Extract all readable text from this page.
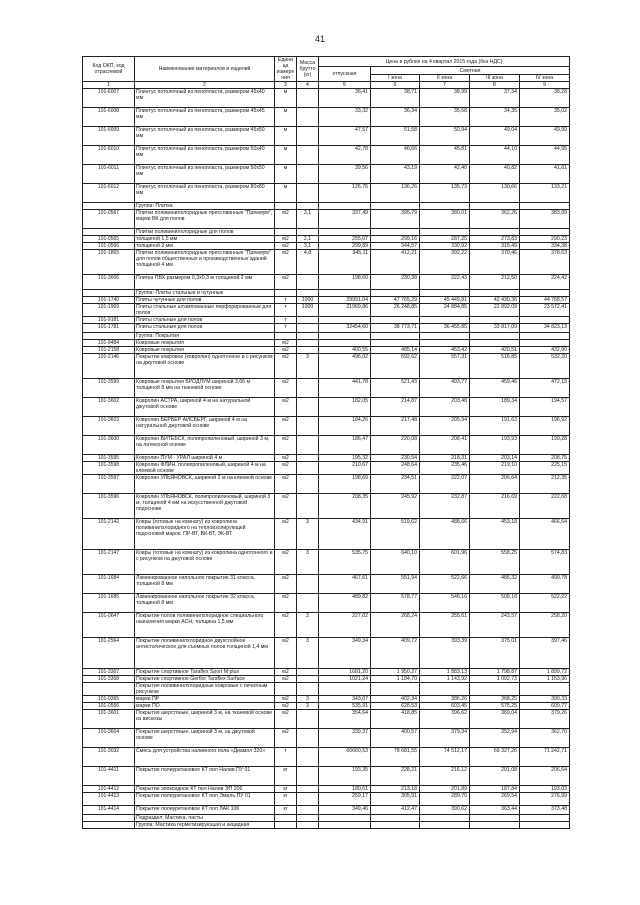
41
Код ОКП, код отраслевой	Наименование материалов и изделий	Едини ца измере ния	Масса брутто (кг)	Цена в рублях на 4 квартал 2015 года (без НДС)				
				отпускная	Сметная			
					I зона	II зона	III зона	IV зона
1	2	3	4	5	6	7	8	9
101-6007	Плинтус потолочный из пенопласта, размером 45х40 мм	м		36,41	38,71	38,99	37,34	38,28
101-6008	Плинтус потолочный из пенопласта, размером 45х45 мм	м		33,32	36,34	35,68	34,35	35,02
101-6009	Плинтус потолочный из пенопласта, размером 45х50 мм	м		47,57	51,58	50,94	49,04	49,99
101-6010	Плинтус потолочный из пенопласта, размером 50х40 мм	м		42,78	46,66	45,81	44,10	44,95
101-6011	Плинтус потолочный из пенопласта, размером 50х50 мм	м		39,56	43,19	42,40	40,82	41,61
101-6012	Плинтус потолочный из пенопласта, размером 80х80 мм	м		126,76	136,26	135,73	130,66	133,21
	Группа: Плитка							
101-0567	Плитки поливинилхлоридные прессованные "Премиум", марки ВК для полов	м2	3,1	337,49	395,79	380,01	362,26	383,99
	Плитки поливинилхлоридные для полов							
101-0565	толщиной 1,5 мм	м2	2,1	255,07	299,16	287,25	273,83	290,23
101-0566	толщиной 2 мм	м2	3,1	299,89	344,57	330,92	315,49	334,38
101-1865	Плитки поливинилхлоридные прессованные "Премиум" для полов общественных и производственных зданий толщиной 4 мм	м2	4,8	345,11	412,21	392,22	370,46	378,63
101-3606	Плитка ПВХ размером 0,3х0,3 м толщиной 2 мм	м2		198,60	230,38	222,43	212,50	224,42
	Группа: Плиты стальные и чугунные							
101-1740	Плиты чугунные для полов	т	1000	39991,04	47 765,29	45 449,81	42 430,36	44 768,57
101-1969	Плиты стальные штампованные перфорированные для полов	т	1000	21969,86	26 248,85	24 884,85	22 892,09	23 572,41
101-9181	Плиты стальные для полов	т						
101-1781	Плиты стальные для полов	т		32454,60	38 773,71	36 455,85	33 817,09	34 823,13
	Группа: Покрытия							
101-9484	Ковровые покрытия	м2						
101-2158	Ковровые покрытия	м2		400,55	485,14	453,42	420,51	432,90
101-2146	Покрытие ковровое (ковролин) однотонное и с рисунком на джутовой основе	м2	3	496,02	592,62	557,31	516,85	532,20
101-3599	Ковровые покрытия БРОДЛУМ шириной 3,66 м толщиной 8 мм на тканевой основе	м2		441,78	521,43	493,77	459,46	472,15
101-3602	Ковролин АСТРА, шириной 4 м на натуральной джутовой основе	м2		182,05	214,87	203,48	189,34	194,57
101-3603	Ковролин БЕРБЕР АЙСБЕРГ, шириной 4 м на натуральной джутовой основе	м2		184,26	217,48	205,94	191,63	196,92
101-3600	Ковролин ВИТЕБСК, полипропиленовый, шириной 3 м, на латексной основе	м2		186,47	220,08	208,41	193,93	199,28
101-3595	Ковролин ПУМ - УРАЛ шириной 4 м	м2		195,32	230,54	218,31	203,14	208,75
101-3598	Ковролин ФЛИН, полипропиленовый, шириной 4 м на клеевой основе	м2		210,67	248,64	235,46	219,10	225,15
101-3597	Ковролин УЛЬЯНОВСК, шириной 2 м на клеевой основе	м2		198,69	234,51	222,07	206,64	212,35
101-3596	Ковролин УЛЬЯНОВСК, полипропиленовый, шириной 3 м, толщиной 4 мм на искусственной джутовой подоснове	м2		208,35	245,92	232,87	216,69	222,68
101-2142	Ковры (готовые на комнату) из ковролина поливинилхлоридного на теплоизолирующей подосновой марок: ПР-ВТ, ВК-ВТ, ЭК-ВТ	м2	3	434,91	519,62	488,66	453,18	466,64
101-2147	Ковры (готовые на комнату) из ковролина однотонного и с рисунком на джутовой основе	м2	3	535,75	640,10	601,96	558,25	574,83
101-1684	Ламинированное напольное покрытие 31 класса, толщиной 8 мм	м2		467,61	551,94	522,66	486,32	499,78
101-1685	Ламинированное напольное покрытие 32 класса, толщиной 8 мм	м2		489,82	578,77	546,16	508,18	522,22
101-0647	Покрытие полов поливинилхлоридное специального назначения марки АСН, толщина 1,5 мм	м2	3	227,02	268,24	255,61	243,57	258,20
101-2564	Покрытие поливинилхлоридное двухслойное антистатическое для съемных полов толщиной 1,4 мм	м2	3	349,34	409,72	393,39	375,01	397,46
101-3367	Покрытие спортивное Taraflex Sport M plus	м2		1681,20	1 950,27	1 883,13	1 798,87	1 899,72
101-3368	Покрытие спортивное Gerflor Taraflex Surface	м2		1021,24	1 184,70	1 143,92	1 092,73	1 153,96
	Покрытия поливинилхлоридные ковровые с печатным рисунком							
101-0365	марки ПР	м2	3	343,07	402,34	386,26	368,25	390,33
101-0556	марки ПО	м2	3	535,91	628,53	603,45	575,25	609,77
101-3601	Покрытия шерстяные, шириной 3 м, на тканевой основе из вискозы	м2		354,64	418,85	396,62	369,04	379,26
101-3604	Покрытия шерстяные, шириной 3 м, на джутовой основе	м2		339,37	400,57	379,34	352,94	362,70
101-3032	Смесь для устройства наливного пола «Диамол 320»	т		66660,53	78 681,55	74 512,17	69 327,26	71 242,71
101-4411	Покрытие полиуретановое КТ пол Налив ПУ 01	кг		193,35	228,21	216,12	201,08	206,64
101-4412	Покрытие эпоксидное КТ пол Налив ЭП 206	кг		180,61	213,18	201,89	187,84	193,03
101-4413	Покрытие полиуретановое КТ пол Эмаль ПУ 01	кг		259,17	305,91	289,70	269,54	276,99
101-4414	Покрытие полиуретановое КТ пол ЛАК 106	кг		349,46	412,47	390,62	363,44	373,48
	Подраздел: Мастика, пасты							
	Группа: Мастика герметизирующая и акцидная							
